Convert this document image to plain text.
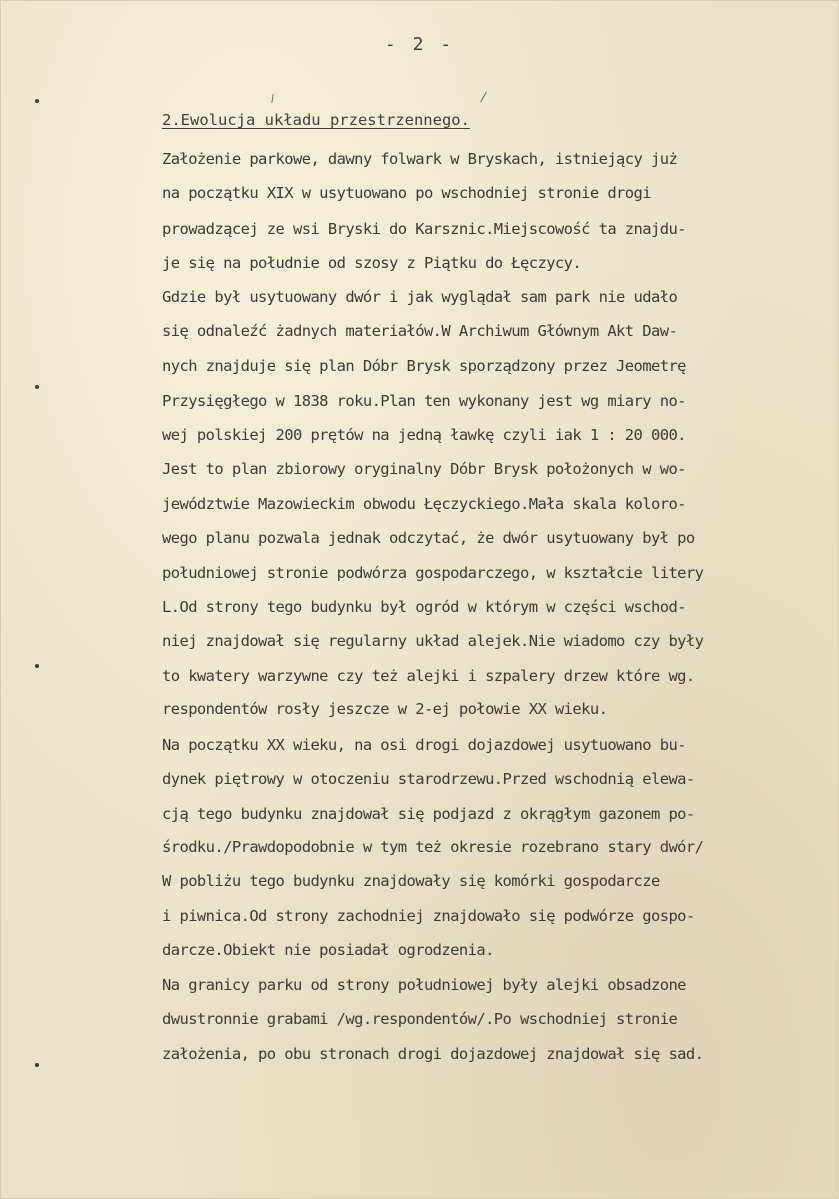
- 2 -
2.Ewolucja układu przestrzennego.
Założenie parkowe, dawny folwark w Bryskach, istniejący już
na początku XIX w usytuowano po wschodniej stronie drogi
prowadzącej ze wsi Bryski do Karsznic.Miejscowość ta znajdu-
je się na południe od szosy z Piątku do Łęczycy.
Gdzie był usytuowany dwór i jak wyglądał sam park nie udało
się odnaleźć żadnych materiałów.W Archiwum Głównym Akt Daw-
nych znajduje się plan Dóbr Brysk sporządzony przez Jeometrę
Przysięgłego w 1838 roku.Plan ten wykonany jest wg miary no-
wej polskiej 200 prętów na jedną ławkę czyli iak 1 : 20 000.
Jest to plan zbiorowy oryginalny Dóbr Brysk położonych w wo-
jewództwie Mazowieckim obwodu Łęczyckiego.Mała skala koloro-
wego planu pozwala jednak odczytać, że dwór usytuowany był po
południowej stronie podwórza gospodarczego, w kształcie litery
L.Od strony tego budynku był ogród w którym w części wschod-
niej znajdował się regularny układ alejek.Nie wiadomo czy były
to kwatery warzywne czy też alejki i szpalery drzew które wg.
respondentów rosły jeszcze w 2-ej połowie XX wieku.
Na początku XX wieku, na osi drogi dojazdowej usytuowano bu-
dynek piętrowy w otoczeniu starodrzewu.Przed wschodnią elewa-
cją tego budynku znajdował się podjazd z okrągłym gazonem po-
środku./Prawdopodobnie w tym też okresie rozebrano stary dwór/
W pobliżu tego budynku znajdowały się komórki gospodarcze
i piwnica.Od strony zachodniej znajdowało się podwórze gospo-
darcze.Obiekt nie posiadał ogrodzenia.
Na granicy parku od strony południowej były alejki obsadzone
dwustronnie grabami /wg.respondentów/.Po wschodniej stronie
założenia, po obu stronach drogi dojazdowej znajdował się sad.
